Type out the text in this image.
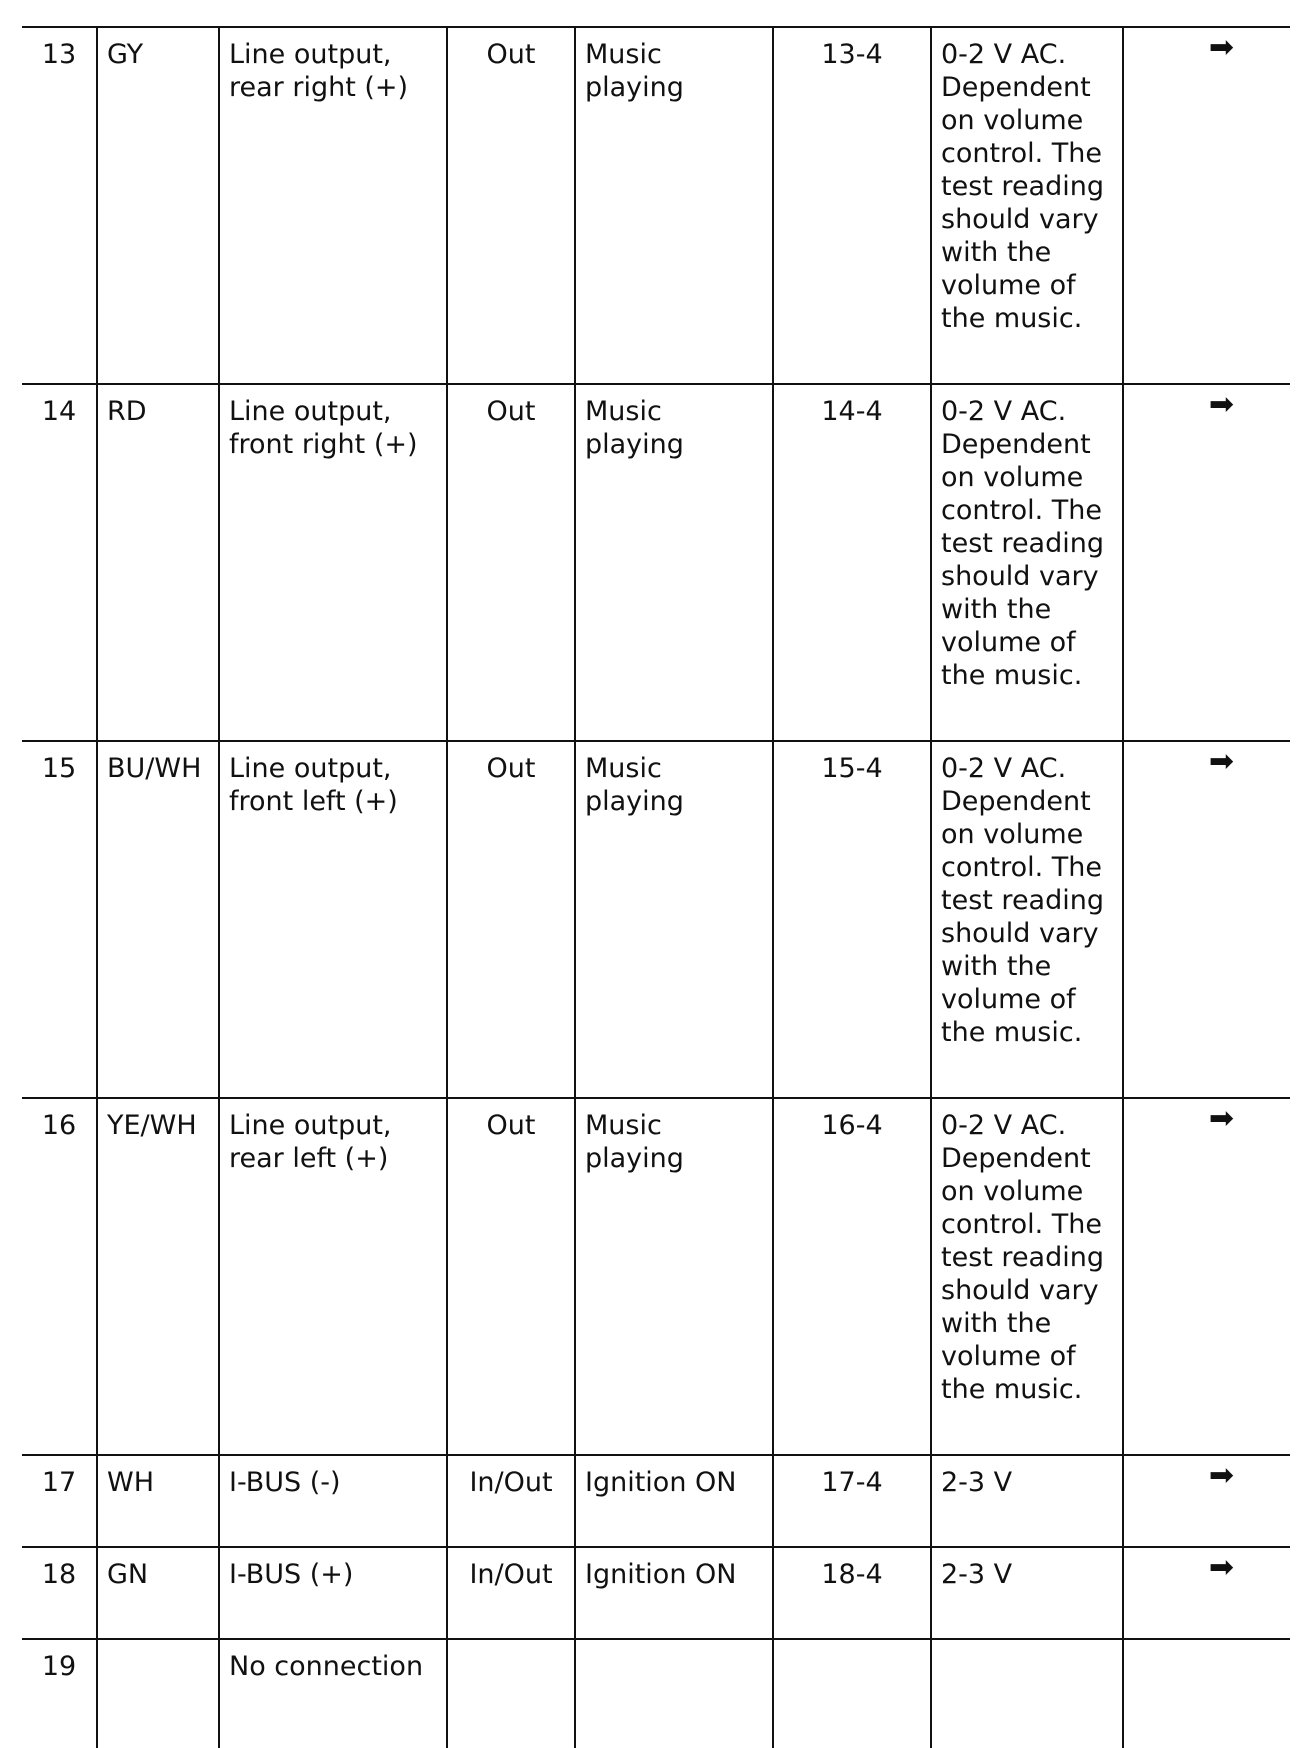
13	GY	Line output, rear right (+)	Out	Music playing	13-4	0-2 V AC. Dependent on volume control. The test reading should vary with the volume of the music.	➡
14	RD	Line output, front right (+)	Out	Music playing	14-4	0-2 V AC. Dependent on volume control. The test reading should vary with the volume of the music.	➡
15	BU/WH	Line output, front left (+)	Out	Music playing	15-4	0-2 V AC. Dependent on volume control. The test reading should vary with the volume of the music.	➡
16	YE/WH	Line output, rear left (+)	Out	Music playing	16-4	0-2 V AC. Dependent on volume control. The test reading should vary with the volume of the music.	➡
17	WH	I-BUS (-)	In/Out	Ignition ON	17-4	2-3 V	➡
18	GN	I-BUS (+)	In/Out	Ignition ON	18-4	2-3 V	➡
19		No connection					
